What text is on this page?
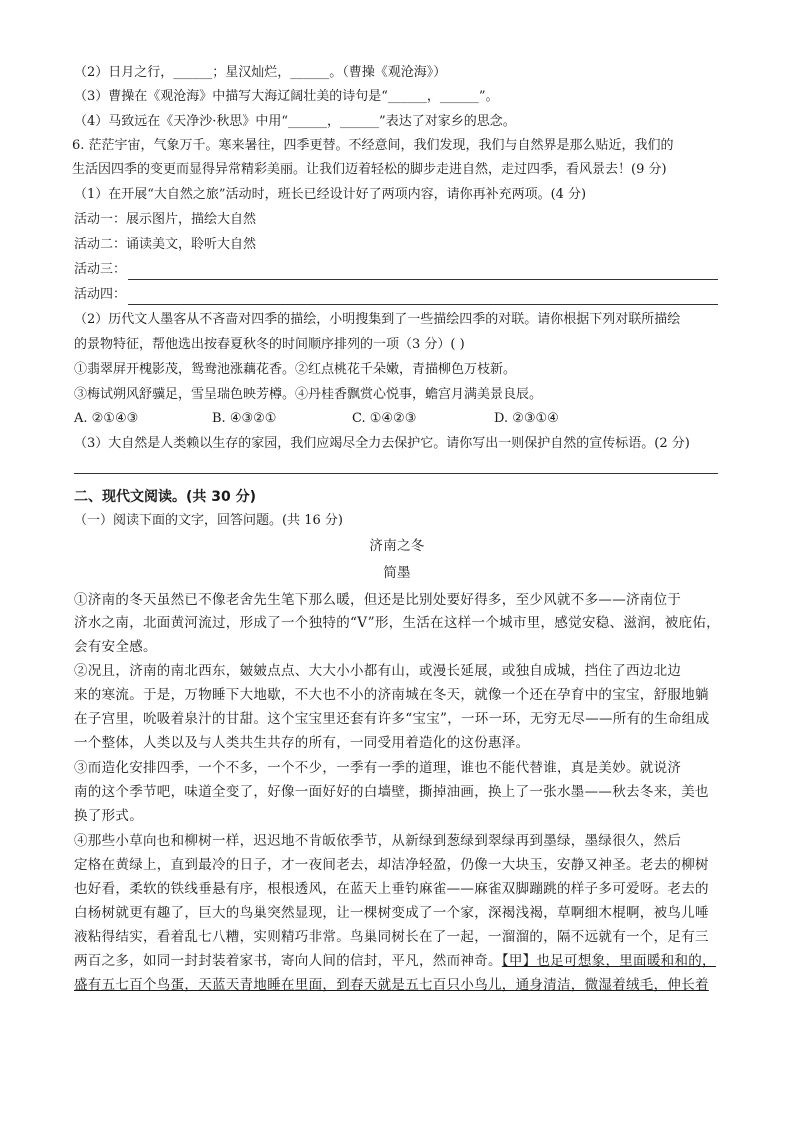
（2）日月之行，______；星汉灿烂，______。（曹操《观沧海》）
（3）曹操在《观沧海》中描写大海辽阔壮美的诗句是“______，______”。
（4）马致远在《天净沙·秋思》中用“______，______”表达了对家乡的思念。
6. 茫茫宇宙，气象万千。寒来暑往，四季更替。不经意间，我们发现，我们与自然界是那么贴近，我们的
生活因四季的变更而显得异常精彩美丽。让我们迈着轻松的脚步走进自然，走过四季，看风景去！(9 分)
（1）在开展“大自然之旅”活动时，班长已经设计好了两项内容，请你再补充两项。(4 分)
活动一：展示图片，描绘大自然
活动二：诵读美文，聆听大自然
活动三：
活动四：
（2）历代文人墨客从不吝啬对四季的描绘，小明搜集到了一些描绘四季的对联。请你根据下列对联所描绘
的景物特征，帮他选出按春夏秋冬的时间顺序排列的一项（3 分）( )
①翡翠屏开槐影茂，鸳鸯池涨藕花香。②红点桃花千朵嫩，青描柳色万枝新。
③梅试朔风舒骥足，雪呈瑞色映芳樽。④丹桂香飘赏心悦事，蟾宫月满美景良辰。
A. ②①④③	B. ④③②①	C. ①④②③	D. ②③①④
（3）大自然是人类赖以生存的家园，我们应竭尽全力去保护它。请你写出一则保护自然的宣传标语。(2 分)
二、现代文阅读。(共 30 分)
（一）阅读下面的文字，回答问题。(共 16 分)
济南之冬
简墨
①济南的冬天虽然已不像老舍先生笔下那么暖，但还是比别处要好得多，至少风就不多——济南位于
济水之南，北面黄河流过，形成了一个独特的“V”形，生活在这样一个城市里，感觉安稳、滋润，被庇佑，
会有安全感。
②况且，济南的南北西东，皴皴点点、大大小小都有山，或漫长延展，或独自成城，挡住了西边北边
来的寒流。于是，万物睡下大地歇，不大也不小的济南城在冬天，就像一个还在孕育中的宝宝，舒服地躺
在子宫里，吮吸着泉汁的甘甜。这个宝宝里还套有许多“宝宝”，一环一环，无穷无尽——所有的生命组成
一个整体，人类以及与人类共生共存的所有，一同受用着造化的这份惠泽。
③而造化安排四季，一个不多，一个不少，一季有一季的道理，谁也不能代替谁，真是美妙。就说济
南的这个季节吧，味道全变了，好像一面好好的白墙壁，撕掉油画，换上了一张水墨——秋去冬来，美也
换了形式。
④那些小草向也和柳树一样，迟迟地不肯皈依季节，从新绿到葱绿到翠绿再到墨绿，墨绿很久，然后
定格在黄绿上，直到最冷的日子，才一夜间老去，却洁净轻盈，仍像一大块玉，安静又神圣。老去的柳树
也好看，柔软的铁线垂悬有序，根根透风，在蓝天上垂钓麻雀——麻雀双脚蹦跳的样子多可爱呀。老去的
白杨树就更有趣了，巨大的鸟巢突然显现，让一棵树变成了一个家，深褐浅褐，草啊细木棍啊，被鸟儿唾
液粘得结实，看着乱七八糟，实则精巧非常。鸟巢同树长在了一起，一溜溜的，隔不远就有一个，足有三
两百之多，如同一封封装着家书，寄向人间的信封，平凡，然而神奇。【甲】也足可想象，里面暖和和的，
盛有五七百个鸟蛋，天蓝天青地睡在里面，到春天就是五七百只小鸟儿，通身清洁，微湿着绒毛，伸长着
